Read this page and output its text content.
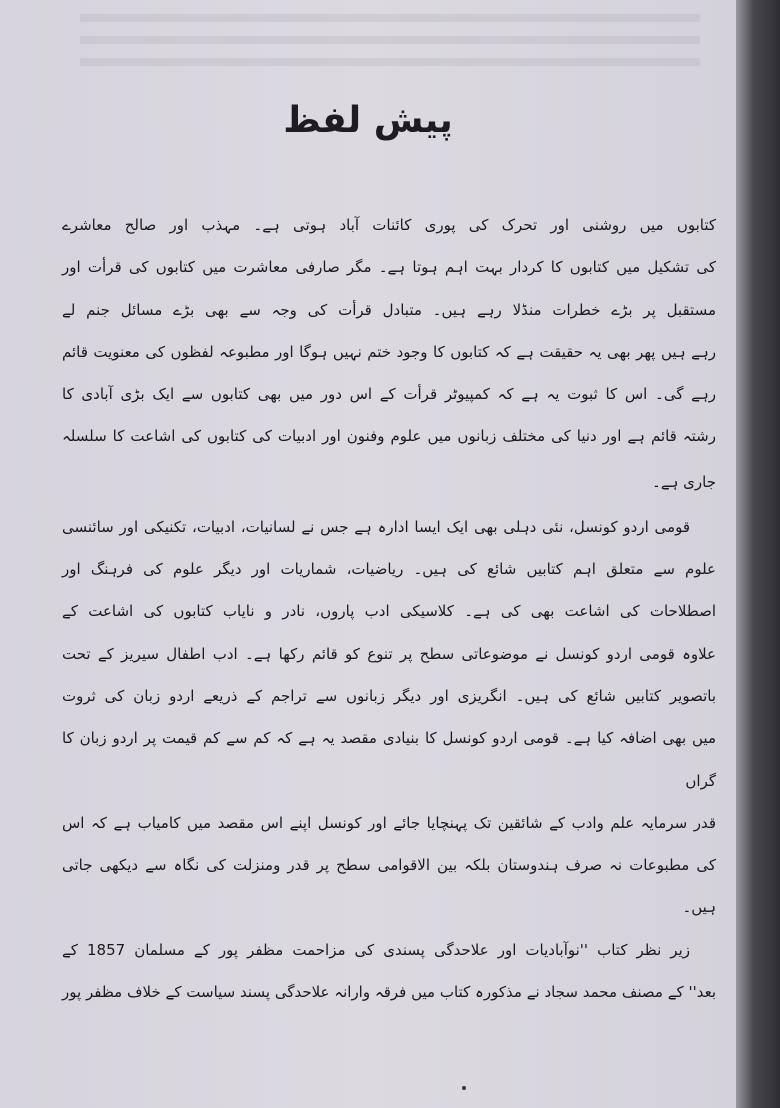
پیش لفظ
کتابوں میں روشنی اور تحرک کی پوری کائنات آباد ہوتی ہے۔ مہذب اور صالح معاشرے
کی تشکیل میں کتابوں کا کردار بہت اہم ہوتا ہے۔ مگر صارفی معاشرت میں کتابوں کی قرأت اور
مستقبل پر بڑے خطرات منڈلا رہے ہیں۔ متبادل قرأت کی وجہ سے بھی بڑے مسائل جنم لے
رہے ہیں پھر بھی یہ حقیقت ہے کہ کتابوں کا وجود ختم نہیں ہوگا اور مطبوعہ لفظوں کی معنویت قائم
رہے گی۔ اس کا ثبوت یہ ہے کہ کمپیوٹر قرأت کے اس دور میں بھی کتابوں سے ایک بڑی آبادی کا
رشتہ قائم ہے اور دنیا کی مختلف زبانوں میں علوم وفنون اور ادبیات کی کتابوں کی اشاعت کا سلسلہ
جاری ہے۔
قومی اردو کونسل، نئی دہلی بھی ایک ایسا ادارہ ہے جس نے لسانیات، ادبیات، تکنیکی اور سائنسی
علوم سے متعلق اہم کتابیں شائع کی ہیں۔ ریاضیات، شماریات اور دیگر علوم کی فرہنگ اور
اصطلاحات کی اشاعت بھی کی ہے۔ کلاسیکی ادب پاروں، نادر و نایاب کتابوں کی اشاعت کے
علاوہ قومی اردو کونسل نے موضوعاتی سطح پر تنوع کو قائم رکھا ہے۔ ادب اطفال سیریز کے تحت
باتصویر کتابیں شائع کی ہیں۔ انگریزی اور دیگر زبانوں سے تراجم کے ذریعے اردو زبان کی ثروت
میں بھی اضافہ کیا ہے۔ قومی اردو کونسل کا بنیادی مقصد یہ ہے کہ کم سے کم قیمت پر اردو زبان کا گراں
قدر سرمایہ علم وادب کے شائقین تک پہنچایا جائے اور کونسل اپنے اس مقصد میں کامیاب ہے کہ اس
کی مطبوعات نہ صرف ہندوستان بلکہ بین الاقوامی سطح پر قدر ومنزلت کی نگاہ سے دیکھی جاتی ہیں۔
زیر نظر کتاب ''نوآبادیات اور علاحدگی پسندی کی مزاحمت مظفر پور کے مسلمان 1857 کے
بعد'' کے مصنف محمد سجاد نے مذکورہ کتاب میں فرقہ وارانہ علاحدگی پسند سیاست کے خلاف مظفر پور
